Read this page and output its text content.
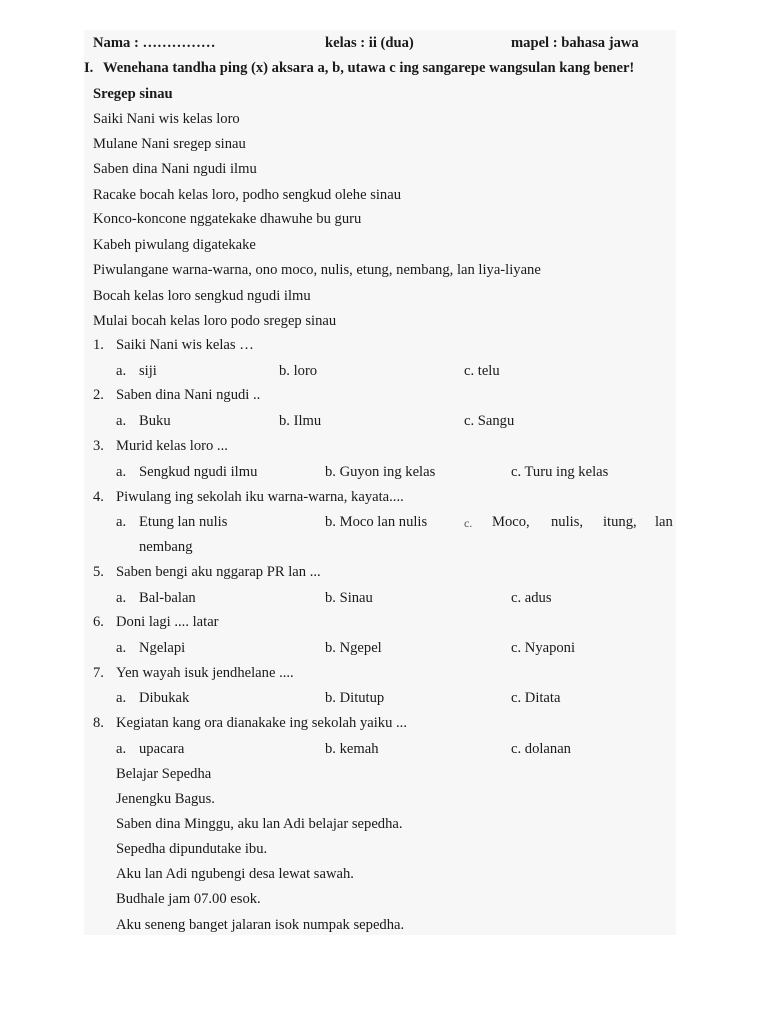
Nama : ……………	kelas : ii (dua)	mapel : bahasa jawa
I. Wenehana tandha ping (x) aksara a, b, utawa c ing sangarepe wangsulan kang bener!
Sregep sinau
Saiki Nani wis kelas loro
Mulane Nani sregep sinau
Saben dina Nani ngudi ilmu
Racake bocah kelas loro, podho sengkud olehe sinau
Konco-koncone nggatekake dhawuhe bu guru
Kabeh piwulang digatekake
Piwulangane warna-warna, ono moco, nulis, etung, nembang, lan liya-liyane
Bocah kelas loro sengkud ngudi ilmu
Mulai bocah kelas loro podo sregep sinau
1. Saiki Nani wis kelas …
a. siji	b. loro	c. telu
2. Saben dina Nani ngudi ..
a. Buku	b. Ilmu	c. Sangu
3. Murid kelas loro ...
a. Sengkud ngudi ilmu	b. Guyon ing kelas	c. Turu ing kelas
4. Piwulang ing sekolah iku warna-warna, kayata....
a. Etung lan nulis	b. Moco lan nulis	c. Moco, nulis, itung, lan
nembang
5. Saben bengi aku nggarap PR lan ...
a. Bal-balan	b. Sinau	c. adus
6. Doni lagi .... latar
a. Ngelapi	b. Ngepel	c. Nyaponi
7. Yen wayah isuk jendhelane ....
a. Dibukak	b. Ditutup	c. Ditata
8. Kegiatan kang ora dianakake ing sekolah yaiku ...
a. upacara	b. kemah	c. dolanan
Belajar Sepedha
Jenengku Bagus.
Saben dina Minggu, aku lan Adi belajar sepedha.
Sepedha dipundutake ibu.
Aku lan Adi ngubengi desa lewat sawah.
Budhale jam 07.00 esok.
Aku seneng banget jalaran isok numpak sepedha.
